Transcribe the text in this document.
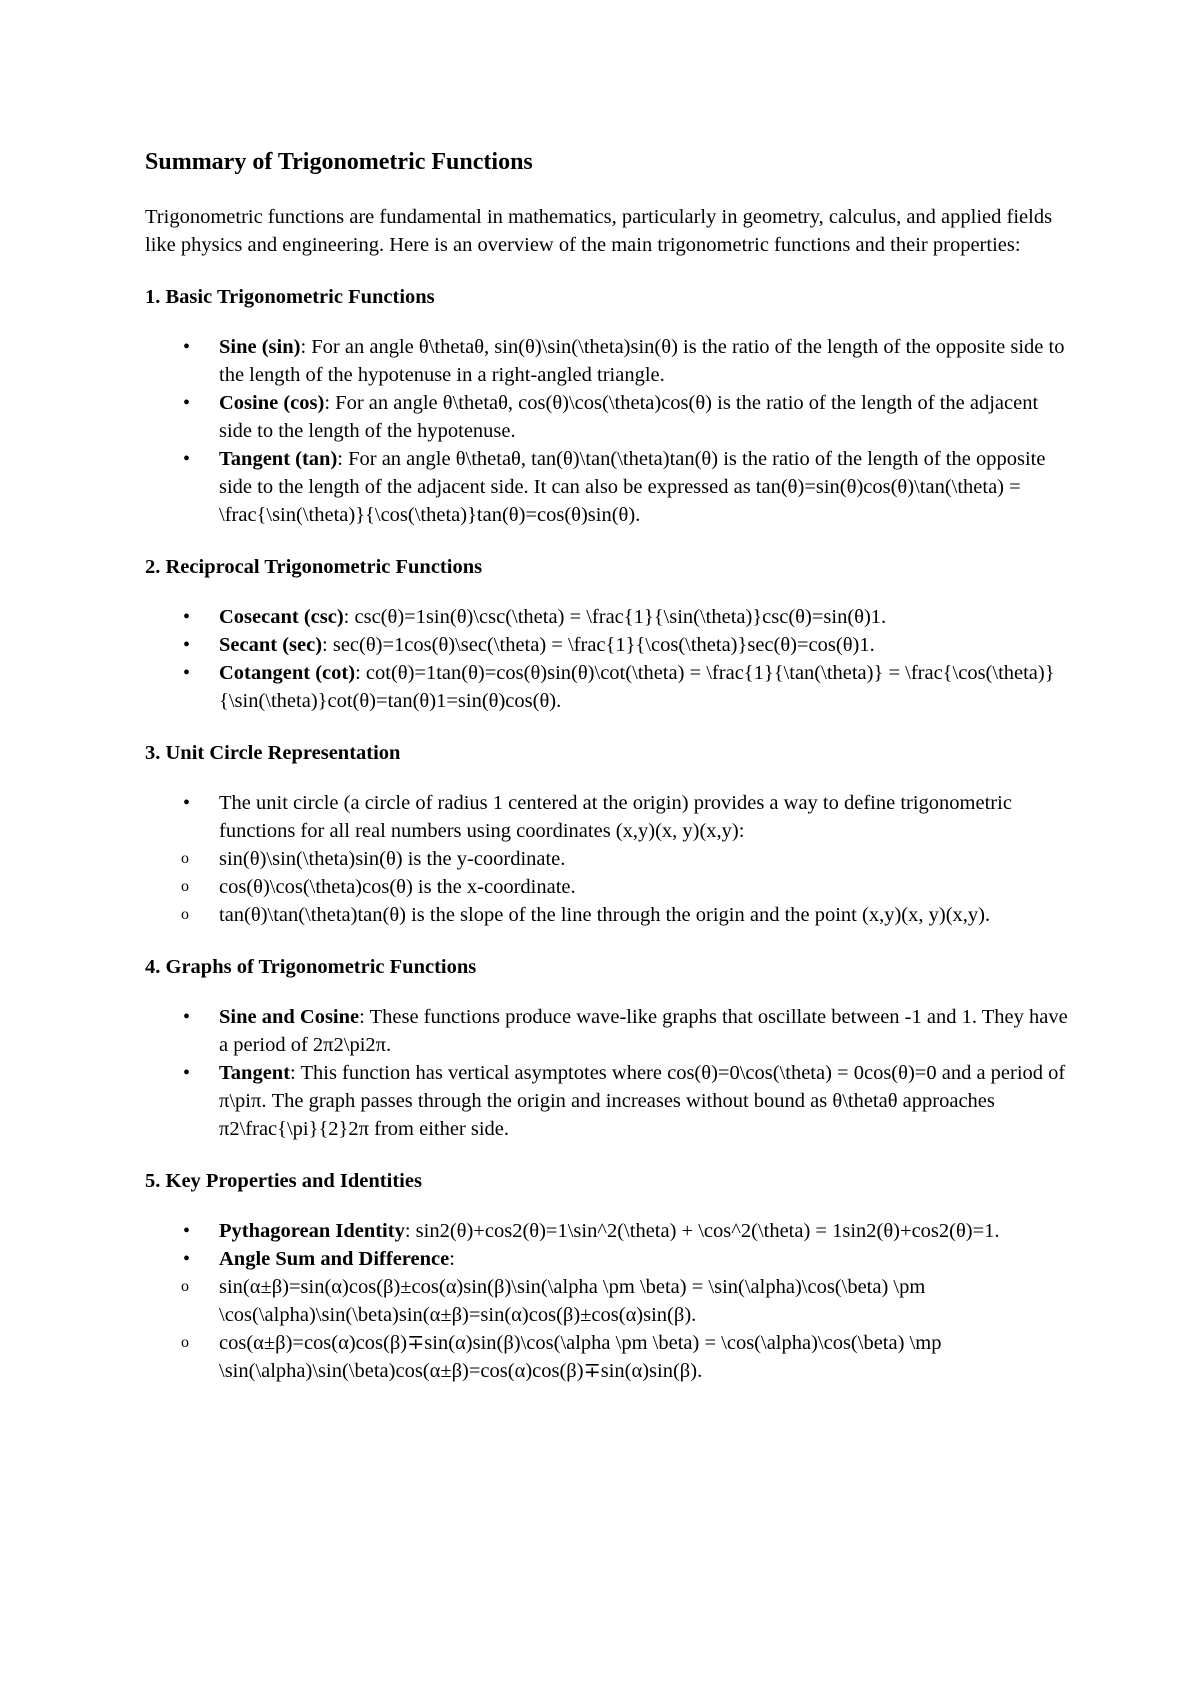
Summary of Trigonometric Functions

Trigonometric functions are fundamental in mathematics, particularly in geometry, calculus, and applied fields like physics and engineering. Here is an overview of the main trigonometric functions and their properties:

1. Basic Trigonometric Functions
• Sine (sin): For an angle θ\thetaθ, sin(θ)\sin(\theta)sin(θ) is the ratio of the length of the opposite side to the length of the hypotenuse in a right-angled triangle.
• Cosine (cos): For an angle θ\thetaθ, cos(θ)\cos(\theta)cos(θ) is the ratio of the length of the adjacent side to the length of the hypotenuse.
• Tangent (tan): For an angle θ\thetaθ, tan(θ)\tan(\theta)tan(θ) is the ratio of the length of the opposite side to the length of the adjacent side. It can also be expressed as tan(θ)=sin(θ)cos(θ)\tan(\theta) = \frac{\sin(\theta)}{\cos(\theta)}tan(θ)=cos(θ)sin(θ).
2. Reciprocal Trigonometric Functions
• Cosecant (csc): csc(θ)=1sin(θ)\csc(\theta) = \frac{1}{\sin(\theta)}csc(θ)=sin(θ)1.
• Secant (sec): sec(θ)=1cos(θ)\sec(\theta) = \frac{1}{\cos(\theta)}sec(θ)=cos(θ)1.
• Cotangent (cot): cot(θ)=1tan(θ)=cos(θ)sin(θ)\cot(\theta) = \frac{1}{\tan(\theta)} = \frac{\cos(\theta)}{\sin(\theta)}cot(θ)=tan(θ)1=sin(θ)cos(θ).
3. Unit Circle Representation
• The unit circle (a circle of radius 1 centered at the origin) provides a way to define trigonometric functions for all real numbers using coordinates (x,y)(x, y)(x,y):
o sin(θ)\sin(\theta)sin(θ) is the y-coordinate.
o cos(θ)\cos(\theta)cos(θ) is the x-coordinate.
o tan(θ)\tan(\theta)tan(θ) is the slope of the line through the origin and the point (x,y)(x, y)(x,y).
4. Graphs of Trigonometric Functions
• Sine and Cosine: These functions produce wave-like graphs that oscillate between -1 and 1. They have a period of 2π2\pi2π.
• Tangent: This function has vertical asymptotes where cos(θ)=0\cos(\theta) = 0cos(θ)=0 and a period of π\piπ. The graph passes through the origin and increases without bound as θ\thetaθ approaches π2\frac{\pi}{2}2π from either side.
5. Key Properties and Identities
• Pythagorean Identity: sin2(θ)+cos2(θ)=1\sin^2(\theta) + \cos^2(\theta) = 1sin2(θ)+cos2(θ)=1.
• Angle Sum and Difference:
o sin(α±β)=sin(α)cos(β)±cos(α)sin(β)\sin(\alpha \pm \beta) = \sin(\alpha)\cos(\beta) \pm \cos(\alpha)\sin(\beta)sin(α±β)=sin(α)cos(β)±cos(α)sin(β).
o cos(α±β)=cos(α)cos(β)∓sin(α)sin(β)\cos(\alpha \pm \beta) = \cos(\alpha)\cos(\beta) \mp \sin(\alpha)\sin(\beta)cos(α±β)=cos(α)cos(β)∓sin(α)sin(β).
